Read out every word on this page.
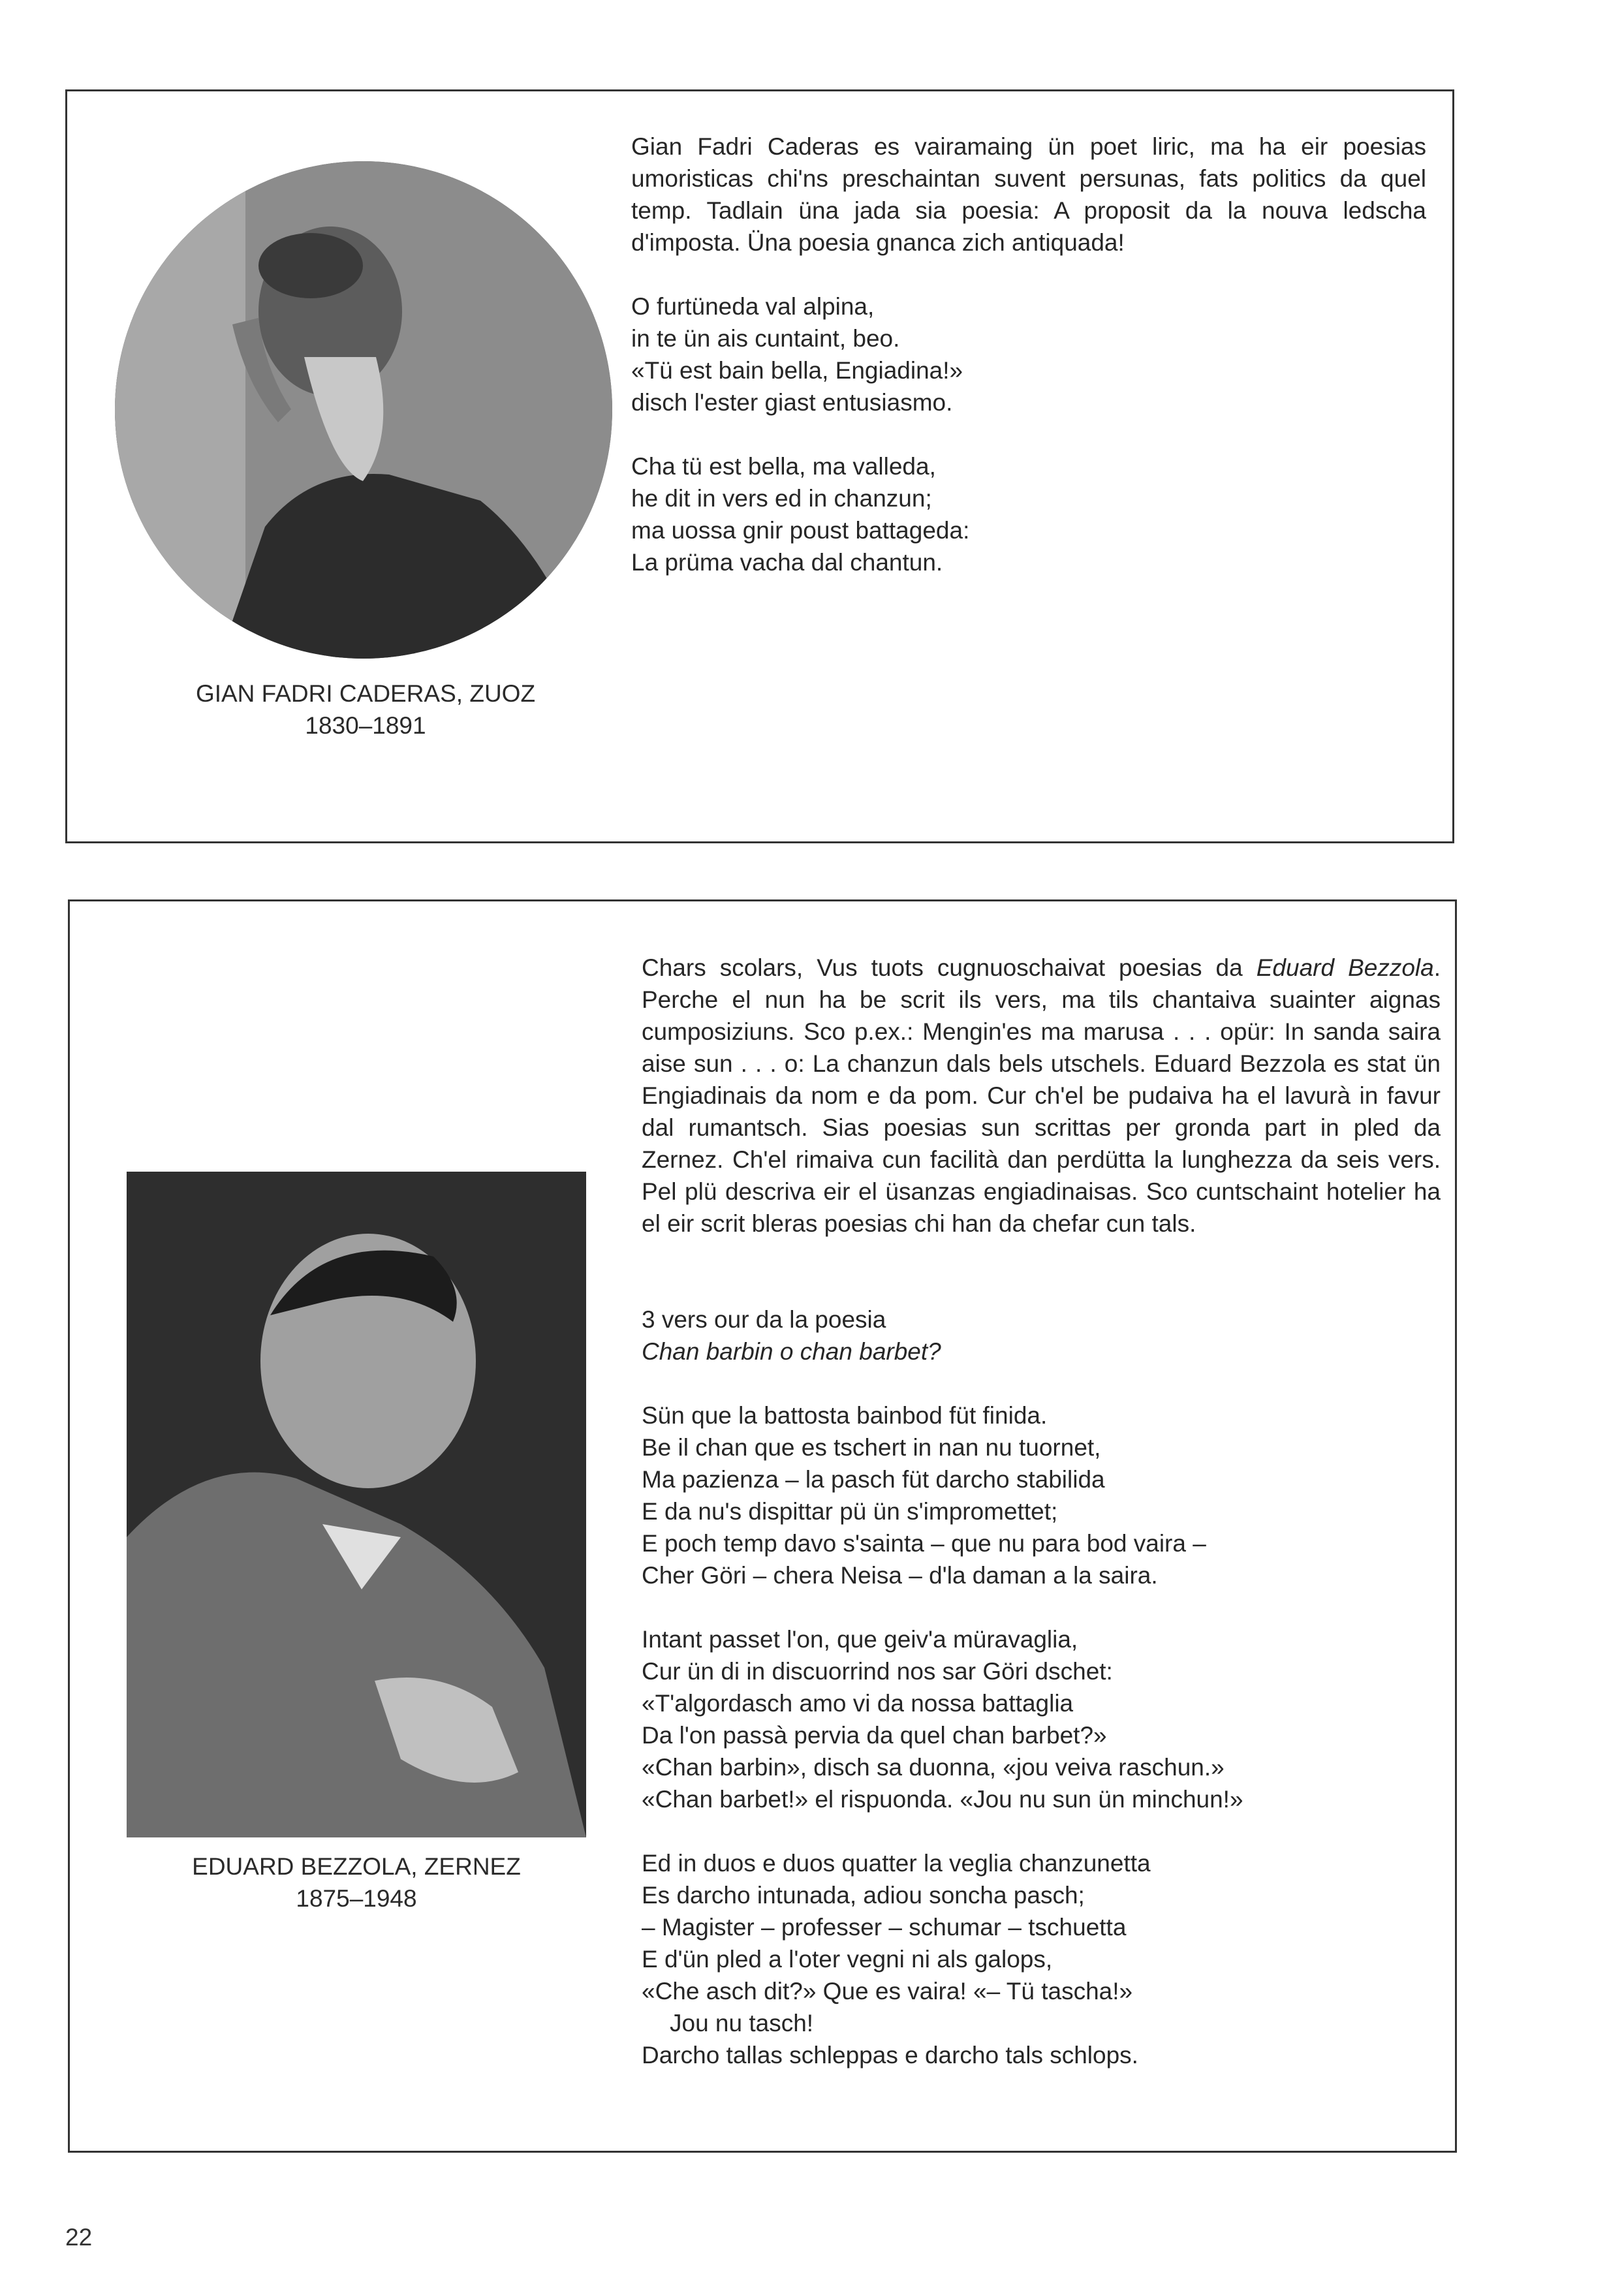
Gian Fadri Caderas es vairamaing ün poet liric, ma ha eir poesias umoristicas chi'ns preschaintan suvent persunas, fats politics da quel temp. Tadlain üna jada sia poesia: A proposit da la nouva ledscha d'imposta. Üna poesia gnanca zich antiquada!

O furtüneda val alpina,
in te ün ais cuntaint, beo.
«Tü est bain bella, Engiadina!»
disch l'ester giast entusiasmo.
Cha tü est bella, ma valleda,
he dit in vers ed in chanzun;
ma uossa gnir poust battageda:
La prüma vacha dal chantun.
GIAN FADRI CADERAS, ZUOZ
1830–1891

Chars scolars, Vus tuots cugnuoschaivat poesias da Eduard Bezzola. Perche el nun ha be scrit ils vers, ma tils chantaiva suainter aignas cumposiziuns. Sco p.ex.: Mengin'es ma marusa . . . opür: In sanda saira aise sun . . . o: La chanzun dals bels utschels. Eduard Bezzola es stat ün Engiadinais da nom e da pom. Cur ch'el be pudaiva ha el lavurà in favur dal rumantsch. Sias poesias sun scrittas per gronda part in pled da Zernez. Ch'el rimaiva cun facilità dan perdütta la lunghezza da seis vers. Pel plü descriva eir el üsanzas engiadinaisas. Sco cuntschaint hotelier ha el eir scrit bleras poesias chi han da chefar cun tals.

3 vers our da la poesia
Chan barbin o chan barbet?
Sün que la battosta bainbod füt finida.
Be il chan que es tschert in nan nu tuornet,
Ma pazienza – la pasch füt darcho stabilida
E da nu's dispittar pü ün s'impromettet;
E poch temp davo s'sainta – que nu para bod vaira –
Cher Göri – chera Neisa – d'la daman a la saira.
Intant passet l'on, que geiv'a müravaglia,
Cur ün di in discuorrind nos sar Göri dschet:
«T'algordasch amo vi da nossa battaglia
Da l'on passà pervia da quel chan barbet?»
«Chan barbin», disch sa duonna, «jou veiva raschun.»
«Chan barbet!» el rispuonda. «Jou nu sun ün minchun!»
Ed in duos e duos quatter la veglia chanzunetta
Es darcho intunada, adiou soncha pasch;
– Magister – professer – schumar – tschuetta
E d'ün pled a l'oter vegni ni als galops,
«Che asch dit?» Que es vaira! «– Tü tascha!»
Jou nu tasch!
Darcho tallas schleppas e darcho tals schlops.
EDUARD BEZZOLA, ZERNEZ
1875–1948
22
